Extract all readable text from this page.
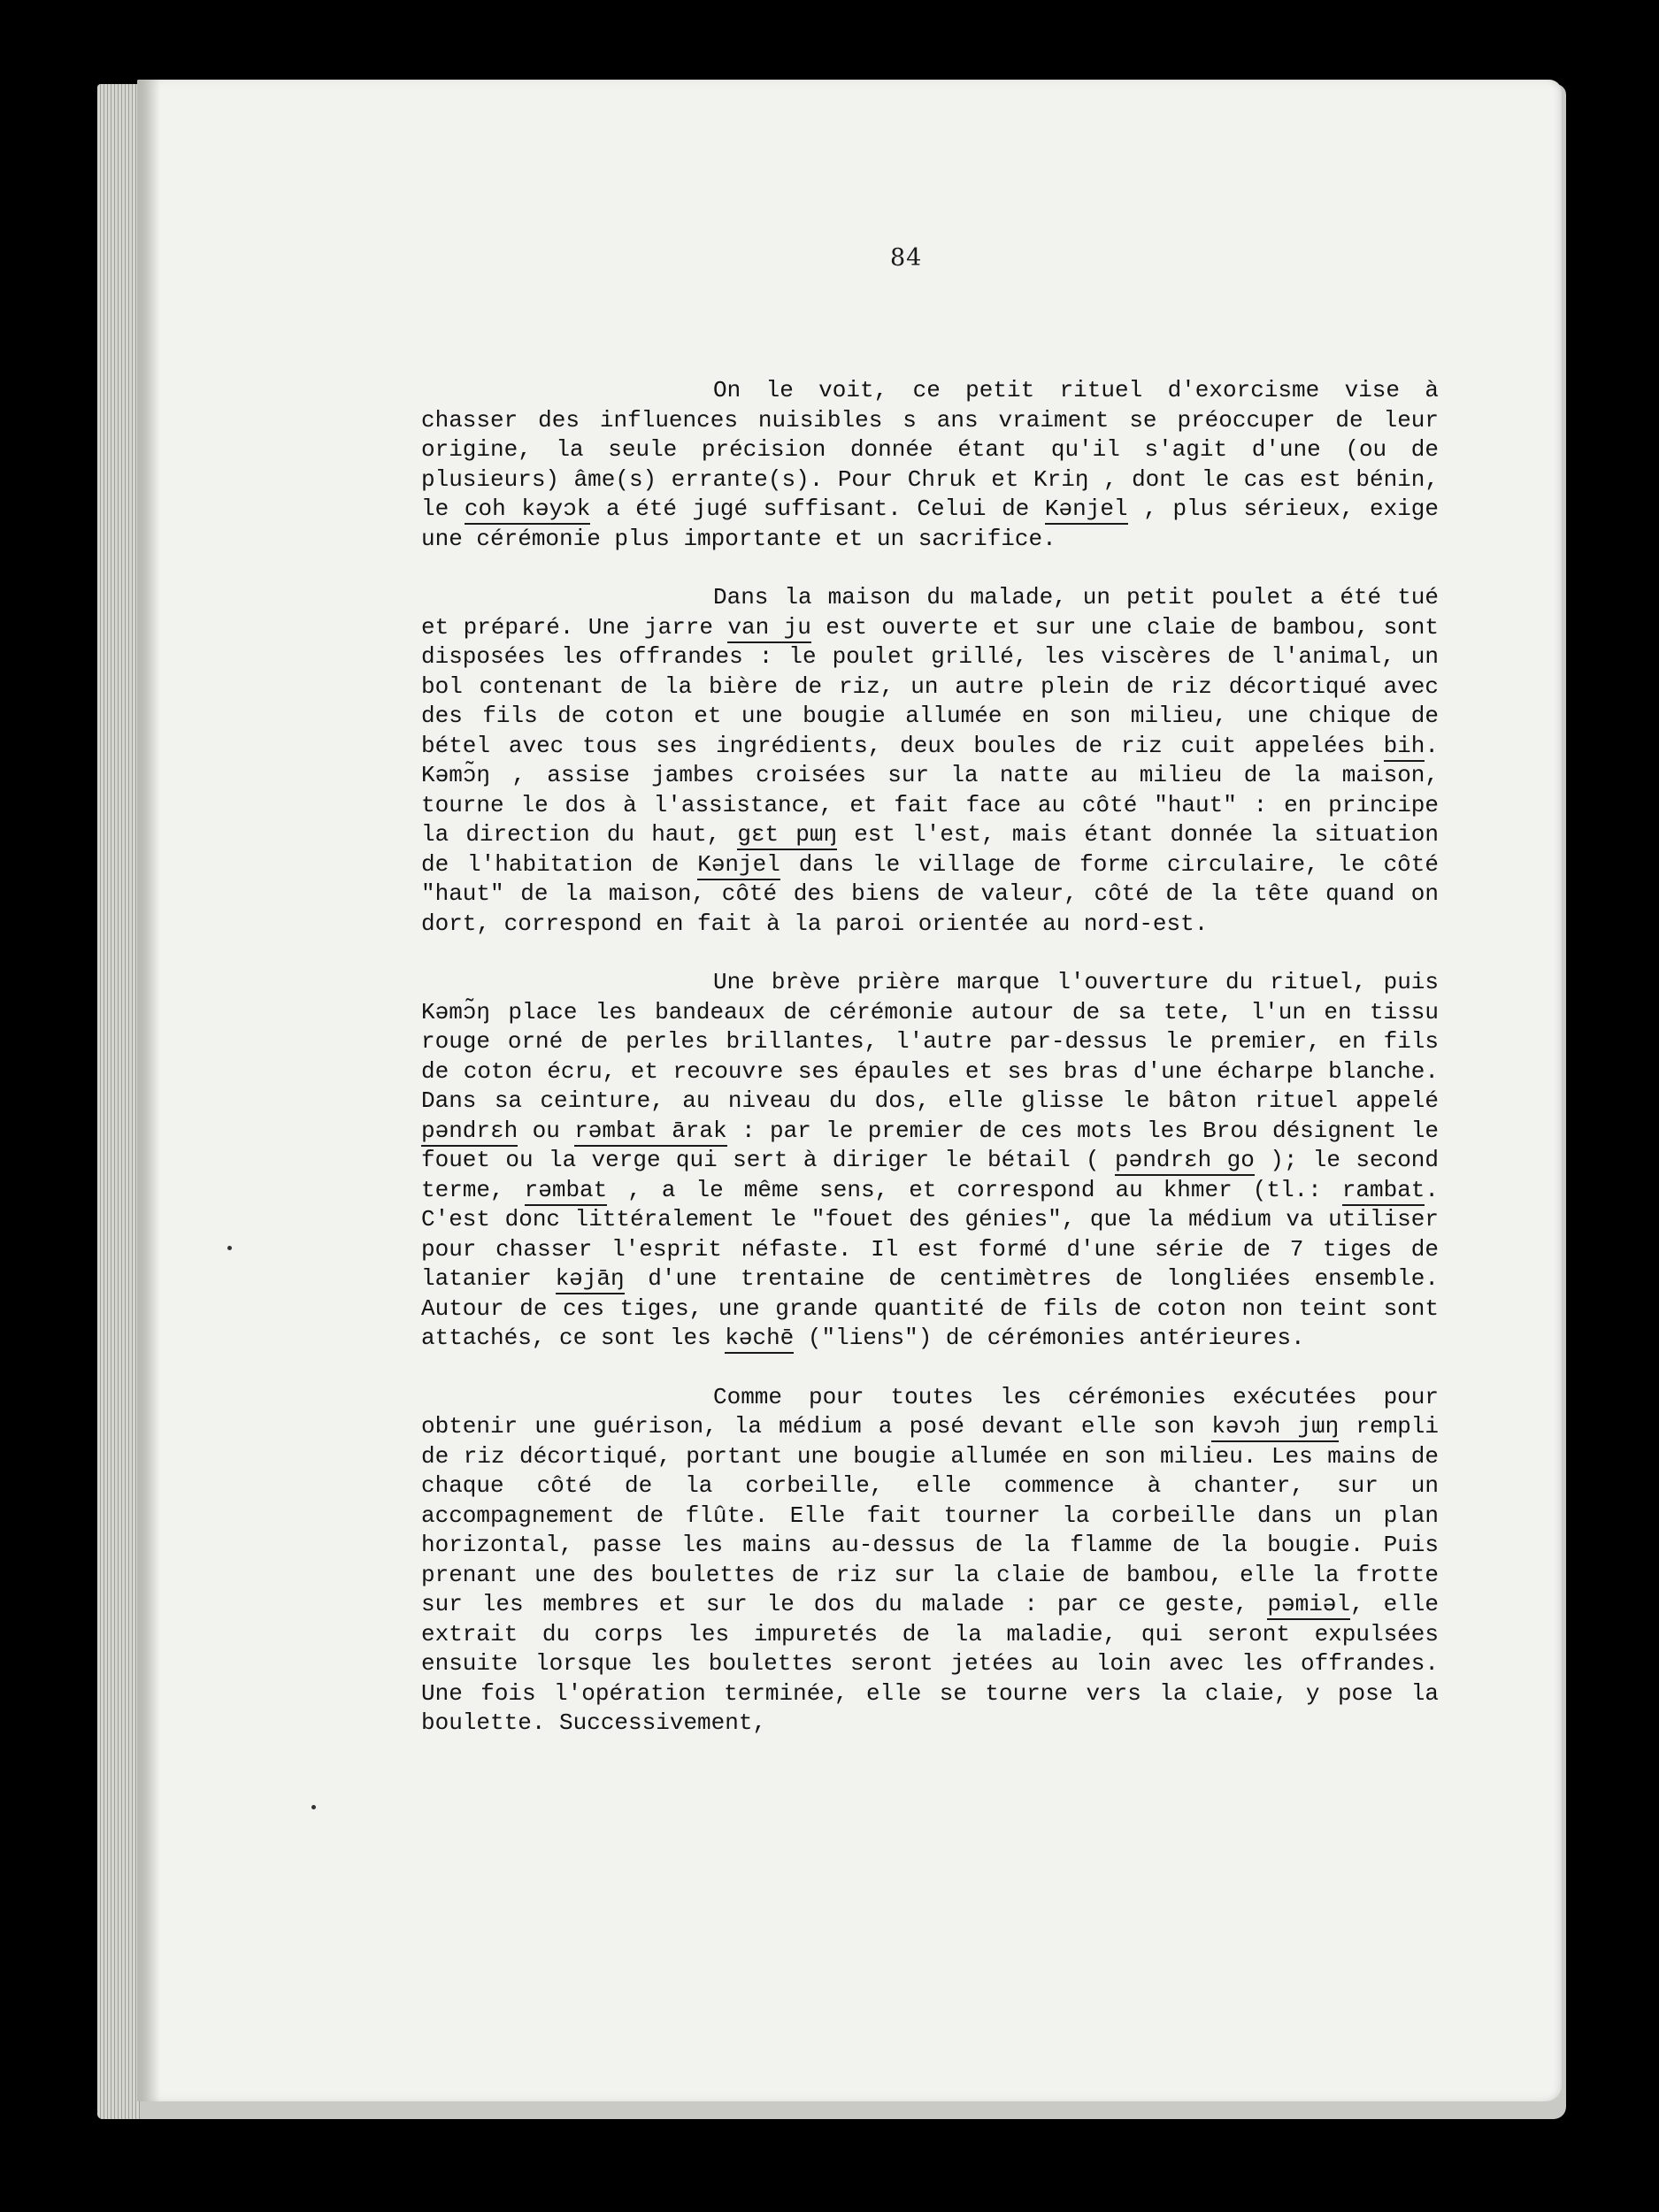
84

On le voit, ce petit rituel d'exorcisme vise à chasser des influences nuisibles s ans vraiment se préoccuper de leur origine, la seule précision donnée étant qu'il s'agit d'une (ou de plusieurs) âme(s) errante(s). Pour Chruk et Kriŋ , dont le cas est bénin, le coh kəyɔk a été jugé suffisant. Celui de Kənjel , plus sérieux, exige une cérémonie plus importante et un sacrifice.

Dans la maison du malade, un petit poulet a été tué et préparé. Une jarre van ju est ouverte et sur une claie de bambou, sont disposées les offrandes : le poulet grillé, les viscères de l'animal, un bol contenant de la bière de riz, un autre plein de riz décortiqué avec des fils de coton et une bougie allumée en son milieu, une chique de bétel avec tous ses ingrédients, deux boules de riz cuit appelées bih. Kəmɔ̃ŋ , assise jambes croisées sur la natte au milieu de la maison, tourne le dos à l'assistance, et fait face au côté "haut" : en principe la direction du haut, gɛt pɯŋ est l'est, mais étant donnée la situation de l'habitation de Kənjel dans le village de forme circulaire, le côté "haut" de la maison, côté des biens de valeur, côté de la tête quand on dort, correspond en fait à la paroi orientée au nord-est.

Une brève prière marque l'ouverture du rituel, puis Kəmɔ̃ŋ place les bandeaux de cérémonie autour de sa tete, l'un en tissu rouge orné de perles brillantes, l'autre par-dessus le premier, en fils de coton écru, et recouvre ses épaules et ses bras d'une écharpe blanche. Dans sa ceinture, au niveau du dos, elle glisse le bâton rituel appelé pəndrɛh ou rəmbat ārak : par le premier de ces mots les Brou désignent le fouet ou la verge qui sert à diriger le bétail ( pəndrɛh go ); le second terme, rəmbat , a le même sens, et correspond au khmer (tl.: rambat. C'est donc littéralement le "fouet des génies", que la médium va utiliser pour chasser l'esprit néfaste. Il est formé d'une série de 7 tiges de latanier kəjāŋ d'une trentaine de centimètres de longliées ensemble. Autour de ces tiges, une grande quantité de fils de coton non teint sont attachés, ce sont les kəchē ("liens") de cérémonies antérieures.

Comme pour toutes les cérémonies exécutées pour obtenir une guérison, la médium a posé devant elle son kəvɔh jɯŋ rempli de riz décortiqué, portant une bougie allumée en son milieu. Les mains de chaque côté de la corbeille, elle commence à chanter, sur un accompagnement de flûte. Elle fait tourner la corbeille dans un plan horizontal, passe les mains au-dessus de la flamme de la bougie. Puis prenant une des boulettes de riz sur la claie de bambou, elle la frotte sur les membres et sur le dos du malade : par ce geste, pəmiəl, elle extrait du corps les impuretés de la maladie, qui seront expulsées ensuite lorsque les boulettes seront jetées au loin avec les offrandes. Une fois l'opération terminée, elle se tourne vers la claie, y pose la boulette. Successivement,
